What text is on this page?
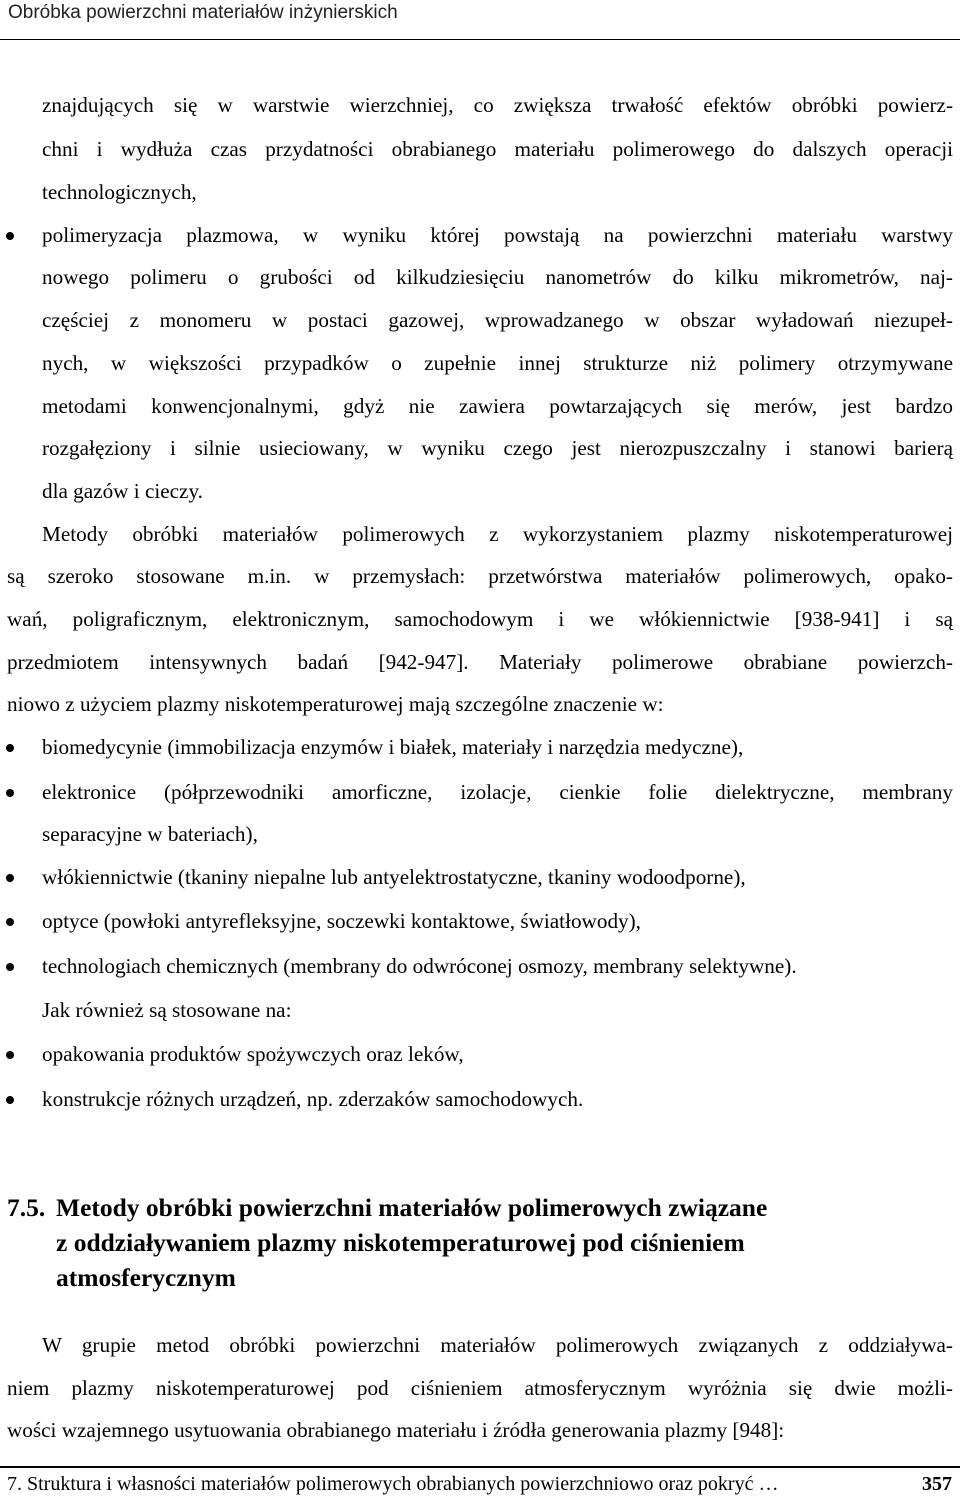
Obróbka powierzchni materiałów inżynierskich
znajdujących się w warstwie wierzchniej, co zwiększa trwałość efektów obróbki powierz-
chni i wydłuża czas przydatności obrabianego materiału polimerowego do dalszych operacji
technologicznych,
polimeryzacja plazmowa, w wyniku której powstają na powierzchni materiału warstwy
nowego polimeru o grubości od kilkudziesięciu nanometrów do kilku mikrometrów, naj-
częściej z monomeru w postaci gazowej, wprowadzanego w obszar wyładowań niezupeł-
nych, w większości przypadków o zupełnie innej strukturze niż polimery otrzymywane
metodami konwencjonalnymi, gdyż nie zawiera powtarzających się merów, jest bardzo
rozgałęziony i silnie usieciowany, w wyniku czego jest nierozpuszczalny i stanowi barierą
dla gazów i cieczy.
Metody obróbki materiałów polimerowych z wykorzystaniem plazmy niskotemperaturowej
są szeroko stosowane m.in. w przemysłach: przetwórstwa materiałów polimerowych, opako-
wań, poligraficznym, elektronicznym, samochodowym i we włókiennictwie [938-941] i są
przedmiotem intensywnych badań [942-947]. Materiały polimerowe obrabiane powierzch-
niowo z użyciem plazmy niskotemperaturowej mają szczególne znaczenie w:
biomedycynie (immobilizacja enzymów i białek, materiały i narzędzia medyczne),
elektronice (półprzewodniki amorficzne, izolacje, cienkie folie dielektryczne, membrany
separacyjne w bateriach),
włókiennictwie (tkaniny niepalne lub antyelektrostatyczne, tkaniny wodoodporne),
optyce (powłoki antyrefleksyjne, soczewki kontaktowe, światłowody),
technologiach chemicznych (membrany do odwróconej osmozy, membrany selektywne).
Jak również są stosowane na:
opakowania produktów spożywczych oraz leków,
konstrukcje różnych urządzeń, np. zderzaków samochodowych.
7.5. Metody obróbki powierzchni materiałów polimerowych związane
z oddziaływaniem plazmy niskotemperaturowej pod ciśnieniem
atmosferycznym
W grupie metod obróbki powierzchni materiałów polimerowych związanych z oddziaływa-
niem plazmy niskotemperaturowej pod ciśnieniem atmosferycznym wyróżnia się dwie możli-
wości wzajemnego usytuowania obrabianego materiału i źródła generowania plazmy [948]:
7. Struktura i własności materiałów polimerowych obrabianych powierzchniowo oraz pokryć …	357
